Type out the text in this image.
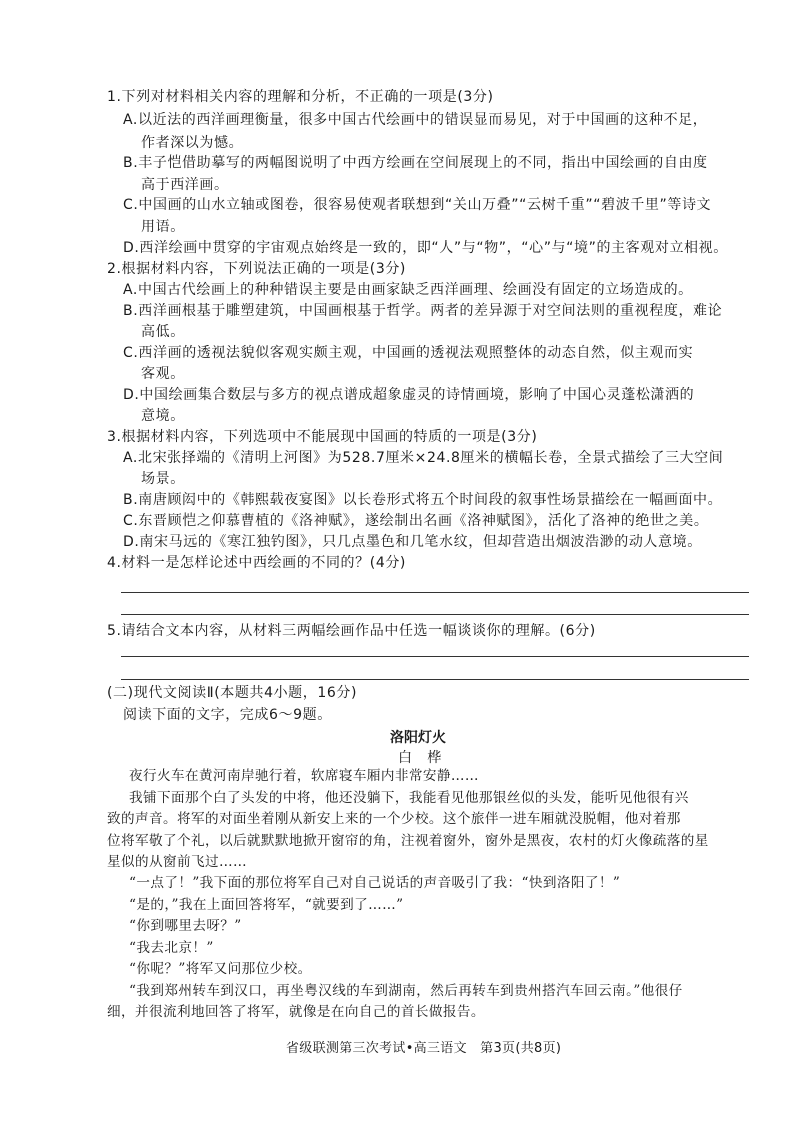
1.下列对材料相关内容的理解和分析，不正确的一项是(3分)
A.以近法的西洋画理衡量，很多中国古代绘画中的错误显而易见，对于中国画的这种不足，
作者深以为憾。
B.丰子恺借助摹写的两幅图说明了中西方绘画在空间展现上的不同，指出中国绘画的自由度
高于西洋画。
C.中国画的山水立轴或图卷，很容易使观者联想到“关山万叠”“云树千重”“碧波千里”等诗文
用语。
D.西洋绘画中贯穿的宇宙观点始终是一致的，即“人”与“物”，“心”与“境”的主客观对立相视。
2.根据材料内容，下列说法正确的一项是(3分)
A.中国古代绘画上的种种错误主要是由画家缺乏西洋画理、绘画没有固定的立场造成的。
B.西洋画根基于雕塑建筑，中国画根基于哲学。两者的差异源于对空间法则的重视程度，难论
高低。
C.西洋画的透视法貌似客观实颇主观，中国画的透视法观照整体的动态自然，似主观而实
客观。
D.中国绘画集合数层与多方的视点谱成超象虚灵的诗情画境，影响了中国心灵蓬松潇洒的
意境。
3.根据材料内容，下列选项中不能展现中国画的特质的一项是(3分)
A.北宋张择端的《清明上河图》为528.7厘米×24.8厘米的横幅长卷，全景式描绘了三大空间
场景。
B.南唐顾闳中的《韩熙载夜宴图》以长卷形式将五个时间段的叙事性场景描绘在一幅画面中。
C.东晋顾恺之仰慕曹植的《洛神赋》，遂绘制出名画《洛神赋图》，活化了洛神的绝世之美。
D.南宋马远的《寒江独钓图》，只几点墨色和几笔水纹，但却营造出烟波浩渺的动人意境。
4.材料一是怎样论述中西绘画的不同的？(4分)
5.请结合文本内容，从材料三两幅绘画作品中任选一幅谈谈你的理解。(6分)
(二)现代文阅读Ⅱ(本题共4小题，16分)
阅读下面的文字，完成6～9题。
洛阳灯火
白　桦
夜行火车在黄河南岸驰行着，软席寝车厢内非常安静……
我铺下面那个白了头发的中将，他还没躺下，我能看见他那银丝似的头发，能听见他很有兴
致的声音。将军的对面坐着刚从新安上来的一个少校。这个旅伴一进车厢就没脱帽，他对着那
位将军敬了个礼，以后就默默地掀开窗帘的角，注视着窗外，窗外是黑夜，农村的灯火像疏落的星
星似的从窗前飞过……
“一点了！”我下面的那位将军自己对自己说话的声音吸引了我：“快到洛阳了！”
“是的，”我在上面回答将军，“就要到了……”
“你到哪里去呀？”
“我去北京！”
“你呢？”将军又问那位少校。
“我到郑州转车到汉口，再坐粤汉线的车到湖南，然后再转车到贵州搭汽车回云南。”他很仔
细，并很流利地回答了将军，就像是在向自己的首长做报告。
省级联测第三次考试•高三语文　第3页(共8页)
